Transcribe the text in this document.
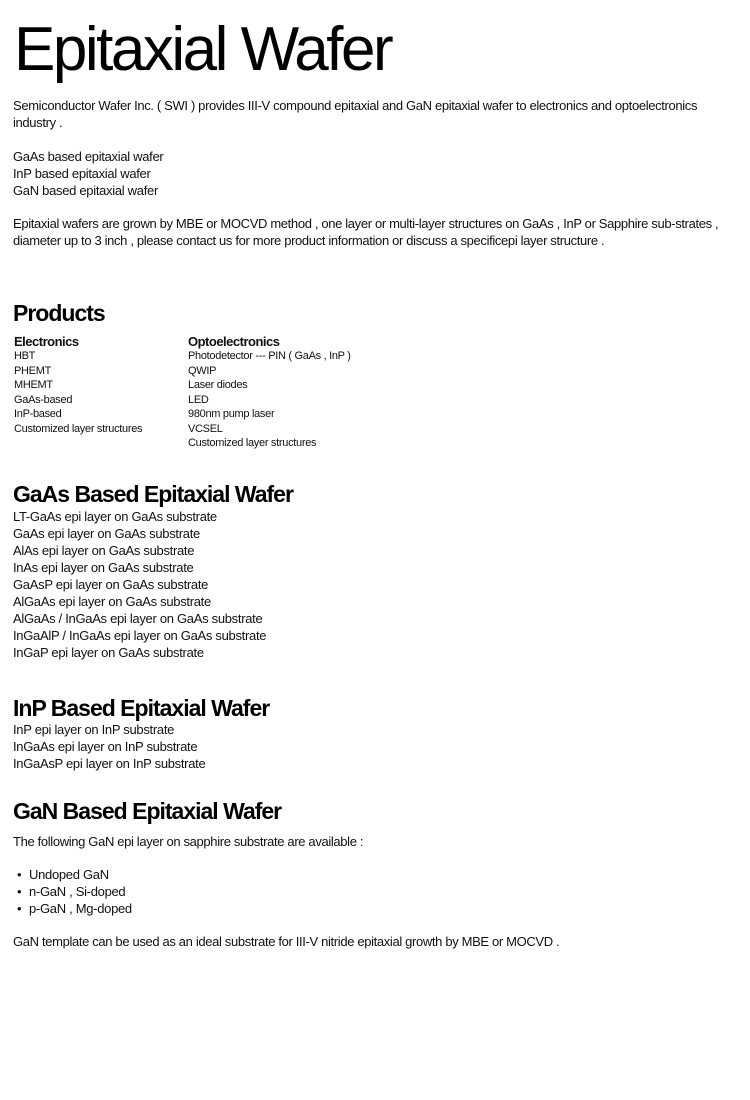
Epitaxial Wafer

Semiconductor Wafer Inc. ( SWI ) provides III-V compound epitaxial and GaN epitaxial wafer to electronics and optoelectronics industry .

GaAs based epitaxial wafer
InP based epitaxial wafer
GaN based epitaxial wafer

Epitaxial wafers are grown by MBE or MOCVD method , one layer or multi-layer structures on GaAs , InP or Sapphire sub-strates , diameter up to 3 inch , please contact us for more product information or discuss a specificepi layer structure .

Products
Electronics
HBT
PHEMT
MHEMT
GaAs-based
InP-based
Customized layer structures
Optoelectronics
Photodetector --- PIN ( GaAs , InP )
QWIP
Laser diodes
LED
980nm pump laser
VCSEL
Customized layer structures
GaAs Based Epitaxial Wafer
LT-GaAs epi layer on GaAs substrate
GaAs epi layer on GaAs substrate
AlAs epi layer on GaAs substrate
InAs epi layer on GaAs substrate
GaAsP epi layer on GaAs substrate
AlGaAs epi layer on GaAs substrate
AlGaAs / InGaAs epi layer on GaAs substrate
InGaAlP / InGaAs epi layer on GaAs substrate
InGaP epi layer on GaAs substrate
InP Based Epitaxial Wafer
InP epi layer on InP substrate
InGaAs epi layer on InP substrate
InGaAsP epi layer on InP substrate
GaN Based Epitaxial Wafer

The following GaN epi layer on sapphire substrate are available :

• Undoped GaN
• n-GaN , Si-doped
• p-GaN , Mg-doped

GaN template can be used as an ideal substrate for III-V nitride epitaxial growth by MBE or MOCVD .
